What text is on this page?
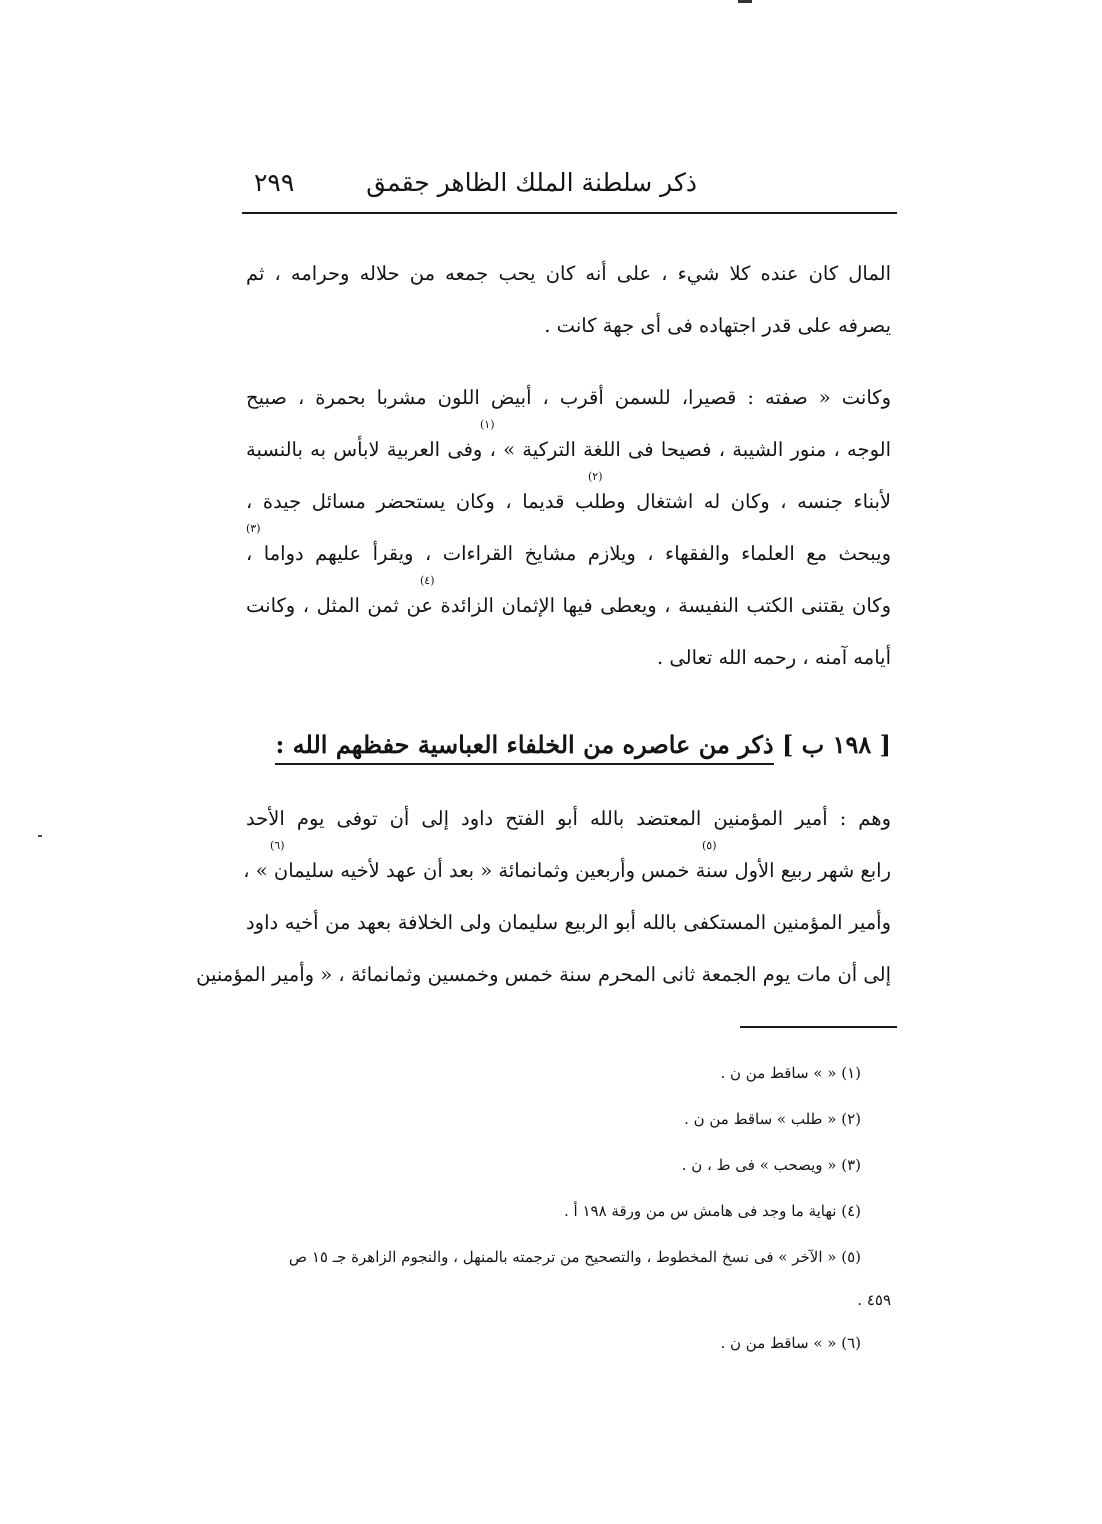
ذكر سلطنة الملك الظاهر جقمق
٢٩٩
المال كان عنده كلا شيء ، على أنه كان يحب جمعه من حلاله وحرامه ، ثم
يصرفه على قدر اجتهاده فى أى جهة كانت .
وكانت « صفته : قصيرا، للسمن أقرب ، أبيض اللون مشربا بحمرة ، صبيح
الوجه ، منور الشيبة ، فصيحا فى اللغة التركية » ، وفى العربية لابأس به بالنسبة
لأبناء جنسه ، وكان له اشتغال وطلب قديما ، وكان يستحضر مسائل جيدة ،
ويبحث مع العلماء والفقهاء ، ويلازم مشايخ القراءات ، ويقرأ عليهم دواما ،
وكان يقتنى الكتب النفيسة ، ويعطى فيها الإثمان الزائدة عن ثمن المثل ، وكانت
أيامه آمنه ، رحمه الله تعالى .
(١)
(٢)
(٣)
(٤)
[ ١٩٨ ب ] ذكر من عاصره من الخلفاء العباسية حفظهم الله :
وهم : أمير المؤمنين المعتضد بالله أبو الفتح داود إلى أن توفى يوم الأحد
رابع شهر ربيع الأول سنة خمس وأربعين وثمانمائة « بعد أن عهد لأخيه سليمان » ،
وأمير المؤمنين المستكفى بالله أبو الربيع سليمان ولى الخلافة بعهد من أخيه داود
إلى أن مات يوم الجمعة ثانى المحرم سنة خمس وخمسين وثمانمائة ، « وأمير المؤمنين
(٥)
(٦)
(١) « » ساقط من ن .
(٢) « طلب » ساقط من ن .
(٣) « ويصحب » فى ط ، ن .
(٤) نهاية ما وجد فى هامش س من ورقة ١٩٨ أ .
(٥) « الآخر » فى نسخ المخطوط ، والتصحيح من ترجمته بالمنهل ، والنجوم الزاهرة جـ ١٥ ص
٤٥٩ .
(٦) « » ساقط من ن .
